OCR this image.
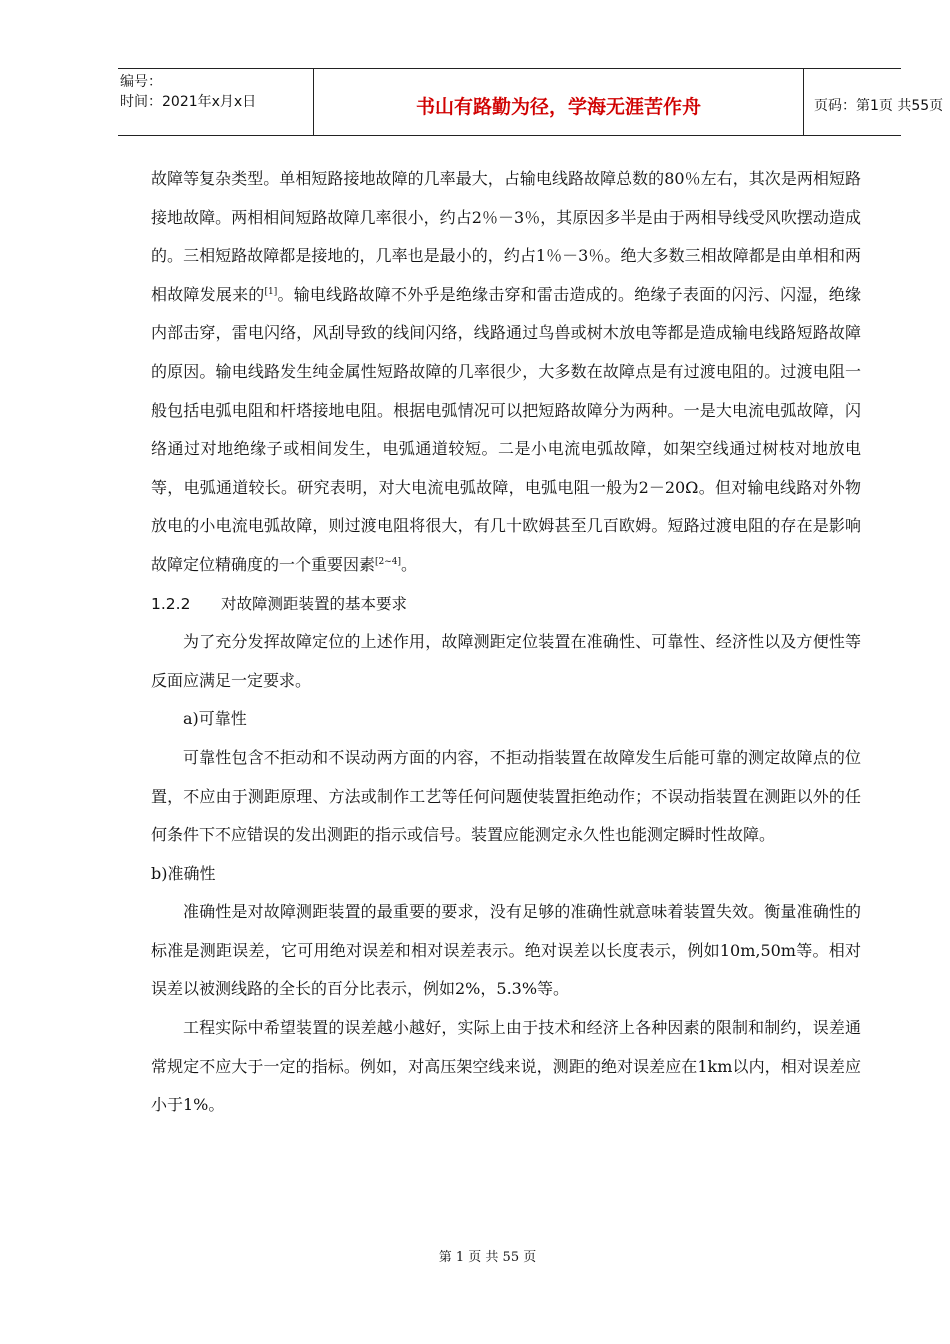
编号：
时间：2021年x月x日	书山有路勤为径，学海无涯苦作舟	页码：第1页 共55页

故障等复杂类型。单相短路接地故障的几率最大，占输电线路故障总数的80％左右，其次是两相短路接地故障。两相相间短路故障几率很小，约占2％－3％，其原因多半是由于两相导线受风吹摆动造成的。三相短路故障都是接地的，几率也是最小的，约占1％－3％。绝大多数三相故障都是由单相和两相故障发展来的[1]。输电线路故障不外乎是绝缘击穿和雷击造成的。绝缘子表面的闪污、闪湿，绝缘内部击穿，雷电闪络，风刮导致的线间闪络，线路通过鸟兽或树木放电等都是造成输电线路短路故障的原因。输电线路发生纯金属性短路故障的几率很少，大多数在故障点是有过渡电阻的。过渡电阻一般包括电弧电阻和杆塔接地电阻。根据电弧情况可以把短路故障分为两种。一是大电流电弧故障，闪络通过对地绝缘子或相间发生，电弧通道较短。二是小电流电弧故障，如架空线通过树枝对地放电等，电弧通道较长。研究表明，对大电流电弧故障，电弧电阻一般为2－20Ω。但对输电线路对外物放电的小电流电弧故障，则过渡电阻将很大，有几十欧姆甚至几百欧姆。短路过渡电阻的存在是影响故障定位精确度的一个重要因素[2~4]。

1.2.2 对故障测距装置的基本要求

为了充分发挥故障定位的上述作用，故障测距定位装置在准确性、可靠性、经济性以及方便性等反面应满足一定要求。

a)可靠性

可靠性包含不拒动和不误动两方面的内容，不拒动指装置在故障发生后能可靠的测定故障点的位置，不应由于测距原理、方法或制作工艺等任何问题使装置拒绝动作；不误动指装置在测距以外的任何条件下不应错误的发出测距的指示或信号。装置应能测定永久性也能测定瞬时性故障。

b)准确性

准确性是对故障测距装置的最重要的要求，没有足够的准确性就意味着装置失效。衡量准确性的标准是测距误差，它可用绝对误差和相对误差表示。绝对误差以长度表示，例如10m,50m等。相对误差以被测线路的全长的百分比表示，例如2%，5.3%等。

工程实际中希望装置的误差越小越好，实际上由于技术和经济上各种因素的限制和制约，误差通常规定不应大于一定的指标。例如，对高压架空线来说，测距的绝对误差应在1km以内，相对误差应小于1%。

第 1 页 共 55 页
